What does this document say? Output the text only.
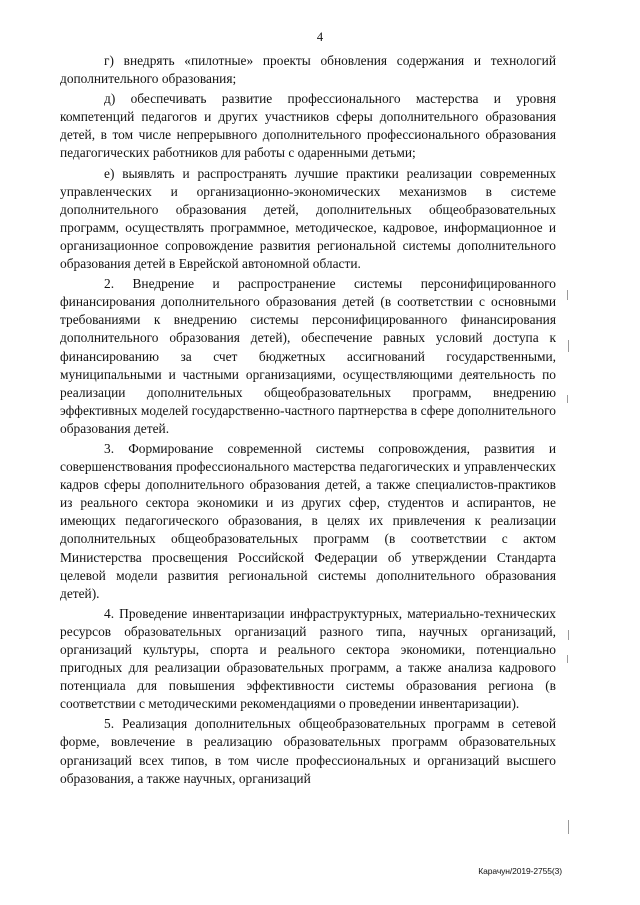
4

г) внедрять «пилотные» проекты обновления содержания и технологий дополнительного образования;

д) обеспечивать развитие профессионального мастерства и уровня компетенций педагогов и других участников сферы дополнительного образования детей, в том числе непрерывного дополнительного профессионального образования педагогических работников для работы с одаренными детьми;

е) выявлять и распространять лучшие практики реализации современных управленческих и организационно-экономических механизмов в системе дополнительного образования детей, дополнительных общеобразовательных программ, осуществлять программное, методическое, кадровое, информационное и организационное сопровождение развития региональной системы дополнительного образования детей в Еврейской автономной области.

2. Внедрение и распространение системы персонифицированного финансирования дополнительного образования детей (в соответствии с основными требованиями к внедрению системы персонифицированного финансирования дополнительного образования детей), обеспечение равных условий доступа к финансированию за счет бюджетных ассигнований государственными, муниципальными и частными организациями, осуществляющими деятельность по реализации дополнительных общеобразовательных программ, внедрению эффективных моделей государственно-частного партнерства в сфере дополнительного образования детей.

3. Формирование современной системы сопровождения, развития и совершенствования профессионального мастерства педагогических и управленческих кадров сферы дополнительного образования детей, а также специалистов-практиков из реального сектора экономики и из других сфер, студентов и аспирантов, не имеющих педагогического образования, в целях их привлечения к реализации дополнительных общеобразовательных программ (в соответствии с актом Министерства просвещения Российской Федерации об утверждении Стандарта целевой модели развития региональной системы дополнительного образования детей).

4. Проведение инвентаризации инфраструктурных, материально-технических ресурсов образовательных организаций разного типа, научных организаций, организаций культуры, спорта и реального сектора экономики, потенциально пригодных для реализации образовательных программ, а также анализа кадрового потенциала для повышения эффективности системы образования региона (в соответствии с методическими рекомендациями о проведении инвентаризации).

5. Реализация дополнительных общеобразовательных программ в сетевой форме, вовлечение в реализацию образовательных программ образовательных организаций всех типов, в том числе профессиональных и организаций высшего образования, а также научных, организаций

Карачун/2019-2755(3)
